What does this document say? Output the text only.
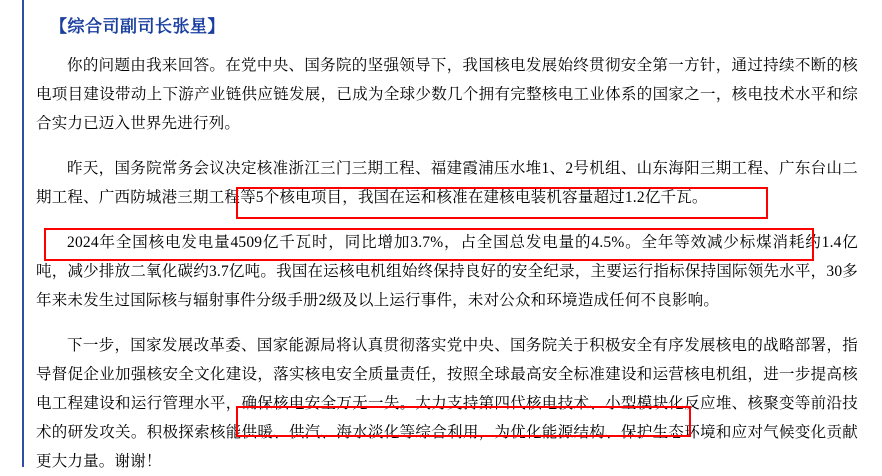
【综合司副司长张星】
你的问题由我来回答。在党中央、国务院的坚强领导下，我国核电发展始终贯彻安全第一方针，通过持续不断的核电项目建设带动上下游产业链供应链发展，已成为全球少数几个拥有完整核电工业体系的国家之一，核电技术水平和综合实力已迈入世界先进行列。
昨天，国务院常务会议决定核准浙江三门三期工程、福建霞浦压水堆1、2号机组、山东海阳三期工程、广东台山二期工程、广西防城港三期工程等5个核电项目，我国在运和核准在建核电装机容量超过1.2亿千瓦。
2024年全国核电发电量4509亿千瓦时，同比增加3.7%，占全国总发电量的4.5%。全年等效减少标煤消耗约1.4亿吨，减少排放二氧化碳约3.7亿吨。我国在运核电机组始终保持良好的安全纪录，主要运行指标保持国际领先水平，30多年来未发生过国际核与辐射事件分级手册2级及以上运行事件，未对公众和环境造成任何不良影响。
下一步，国家发展改革委、国家能源局将认真贯彻落实党中央、国务院关于积极安全有序发展核电的战略部署，指导督促企业加强核安全文化建设，落实核电安全质量责任，按照全球最高安全标准建设和运营核电机组，进一步提高核电工程建设和运行管理水平，确保核电安全万无一失。大力支持第四代核电技术、小型模块化反应堆、核聚变等前沿技术的研发攻关。积极探索核能供暖、供汽、海水淡化等综合利用，为优化能源结构、保护生态环境和应对气候变化贡献更大力量。谢谢！
